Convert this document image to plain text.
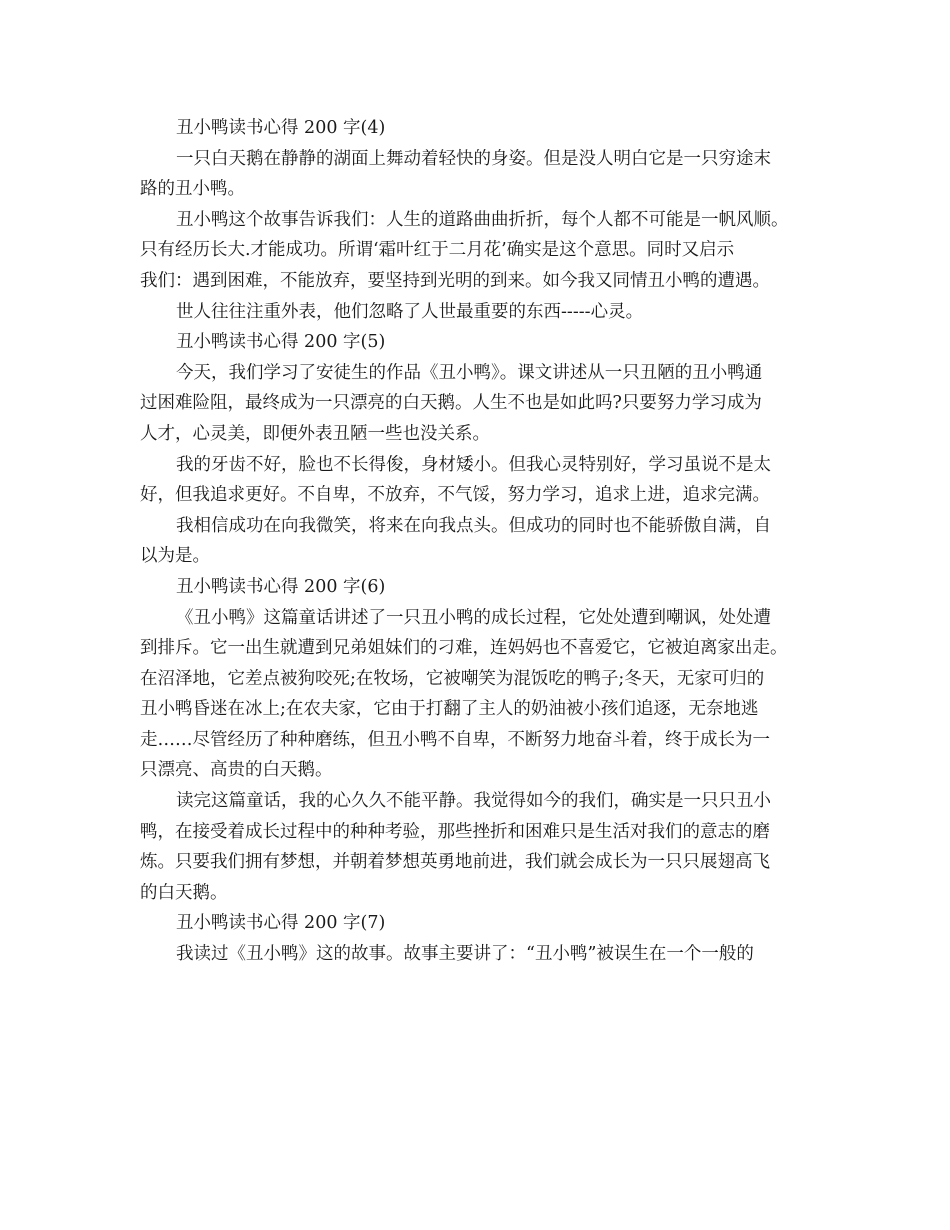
丑小鸭读书心得 200 字(4)
一只白天鹅在静静的湖面上舞动着轻快的身姿。但是没人明白它是一只穷途末
路的丑小鸭。
丑小鸭这个故事告诉我们：人生的道路曲曲折折，每个人都不可能是一帆风顺。
只有经历长大.才能成功。所谓‘霜叶红于二月花’确实是这个意思。同时又启示
我们：遇到困难，不能放弃，要坚持到光明的到来。如今我又同情丑小鸭的遭遇。
世人往往注重外表，他们忽略了人世最重要的东西-----心灵。
丑小鸭读书心得 200 字(5)
今天，我们学习了安徒生的作品《丑小鸭》。课文讲述从一只丑陋的丑小鸭通
过困难险阻，最终成为一只漂亮的白天鹅。人生不也是如此吗?只要努力学习成为
人才，心灵美，即便外表丑陋一些也没关系。
我的牙齿不好，脸也不长得俊，身材矮小。但我心灵特别好，学习虽说不是太
好，但我追求更好。不自卑，不放弃，不气馁，努力学习，追求上进，追求完满。
我相信成功在向我微笑，将来在向我点头。但成功的同时也不能骄傲自满，自
以为是。
丑小鸭读书心得 200 字(6)
《丑小鸭》这篇童话讲述了一只丑小鸭的成长过程，它处处遭到嘲讽，处处遭
到排斥。它一出生就遭到兄弟姐妹们的刁难，连妈妈也不喜爱它，它被迫离家出走。
在沼泽地，它差点被狗咬死;在牧场，它被嘲笑为混饭吃的鸭子;冬天，无家可归的
丑小鸭昏迷在冰上;在农夫家，它由于打翻了主人的奶油被小孩们追逐，无奈地逃
走……尽管经历了种种磨练，但丑小鸭不自卑，不断努力地奋斗着，终于成长为一
只漂亮、高贵的白天鹅。
读完这篇童话，我的心久久不能平静。我觉得如今的我们，确实是一只只丑小
鸭，在接受着成长过程中的种种考验，那些挫折和困难只是生活对我们的意志的磨
炼。只要我们拥有梦想，并朝着梦想英勇地前进，我们就会成长为一只只展翅高飞
的白天鹅。
丑小鸭读书心得 200 字(7)
我读过《丑小鸭》这的故事。故事主要讲了：“丑小鸭”被误生在一个一般的
